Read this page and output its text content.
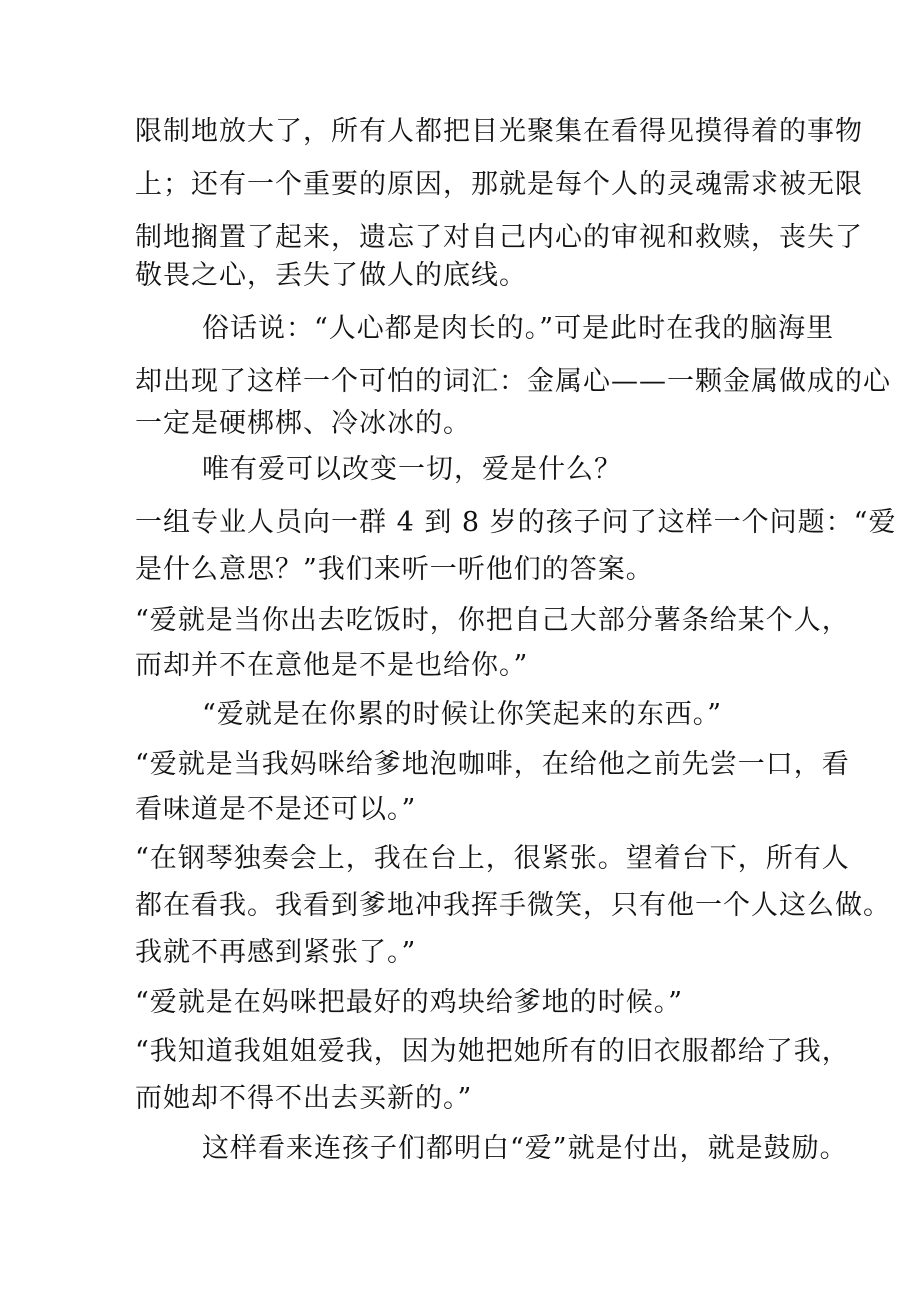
限制地放大了，所有人都把目光聚集在看得见摸得着的事物
上；还有一个重要的原因，那就是每个人的灵魂需求被无限
制地搁置了起来，遗忘了对自己内心的审视和救赎，丧失了
敬畏之心，丢失了做人的底线。
俗话说：“人心都是肉长的。”可是此时在我的脑海里
却出现了这样一个可怕的词汇：金属心——一颗金属做成的心
一定是硬梆梆、冷冰冰的。
唯有爱可以改变一切，爱是什么？
一组专业人员向一群 4 到 8 岁的孩子问了这样一个问题：“爱
是什么意思？”我们来听一听他们的答案。
“爱就是当你出去吃饭时，你把自己大部分薯条给某个人，
而却并不在意他是不是也给你。”
“爱就是在你累的时候让你笑起来的东西。”
“爱就是当我妈咪给爹地泡咖啡，在给他之前先尝一口，看
看味道是不是还可以。”
“在钢琴独奏会上，我在台上，很紧张。望着台下，所有人
都在看我。我看到爹地冲我挥手微笑，只有他一个人这么做。
我就不再感到紧张了。”
“爱就是在妈咪把最好的鸡块给爹地的时候。”
“我知道我姐姐爱我，因为她把她所有的旧衣服都给了我，
而她却不得不出去买新的。”
这样看来连孩子们都明白“爱”就是付出，就是鼓励。
